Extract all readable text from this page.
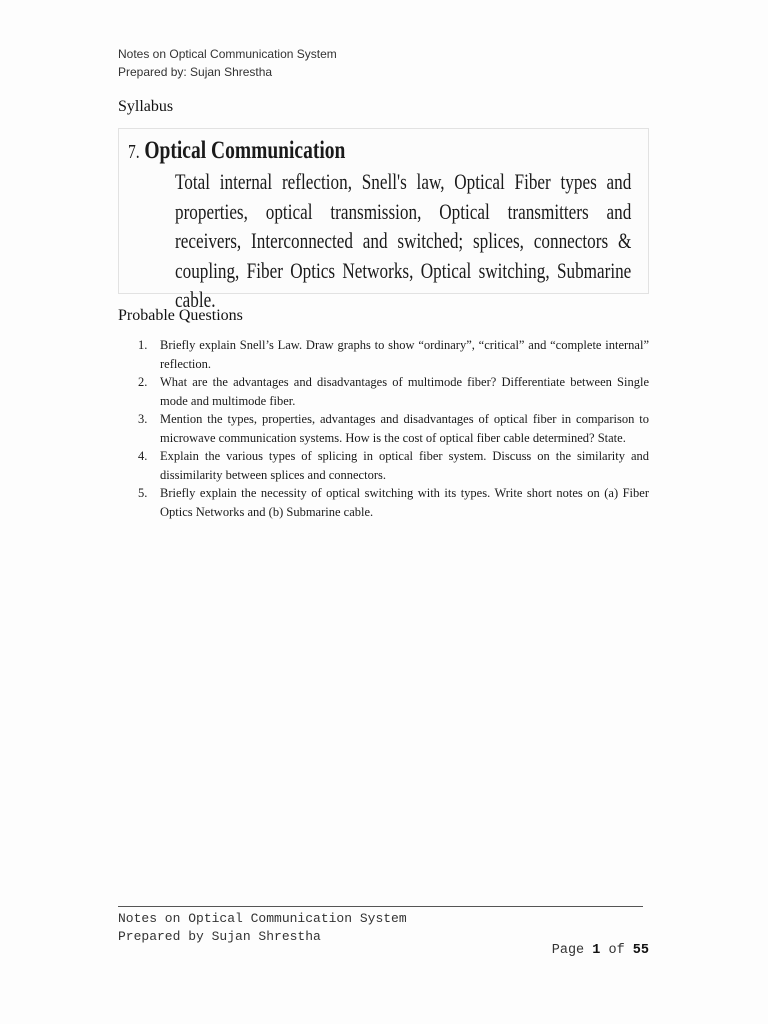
Notes on Optical Communication System
Prepared by: Sujan Shrestha
Syllabus
7. Optical Communication
Total internal reflection, Snell's law, Optical Fiber types and properties, optical transmission, Optical transmitters and receivers, Interconnected and switched; splices, connectors & coupling, Fiber Optics Networks, Optical switching, Submarine cable.
Probable Questions
1. Briefly explain Snell’s Law. Draw graphs to show “ordinary”, “critical” and “complete internal” reflection.
2. What are the advantages and disadvantages of multimode fiber? Differentiate between Single mode and multimode fiber.
3. Mention the types, properties, advantages and disadvantages of optical fiber in comparison to microwave communication systems. How is the cost of optical fiber cable determined? State.
4. Explain the various types of splicing in optical fiber system. Discuss on the similarity and dissimilarity between splices and connectors.
5. Briefly explain the necessity of optical switching with its types. Write short notes on (a) Fiber Optics Networks and (b) Submarine cable.
Notes on Optical Communication System
Prepared by Sujan Shrestha
Page 1 of 55
